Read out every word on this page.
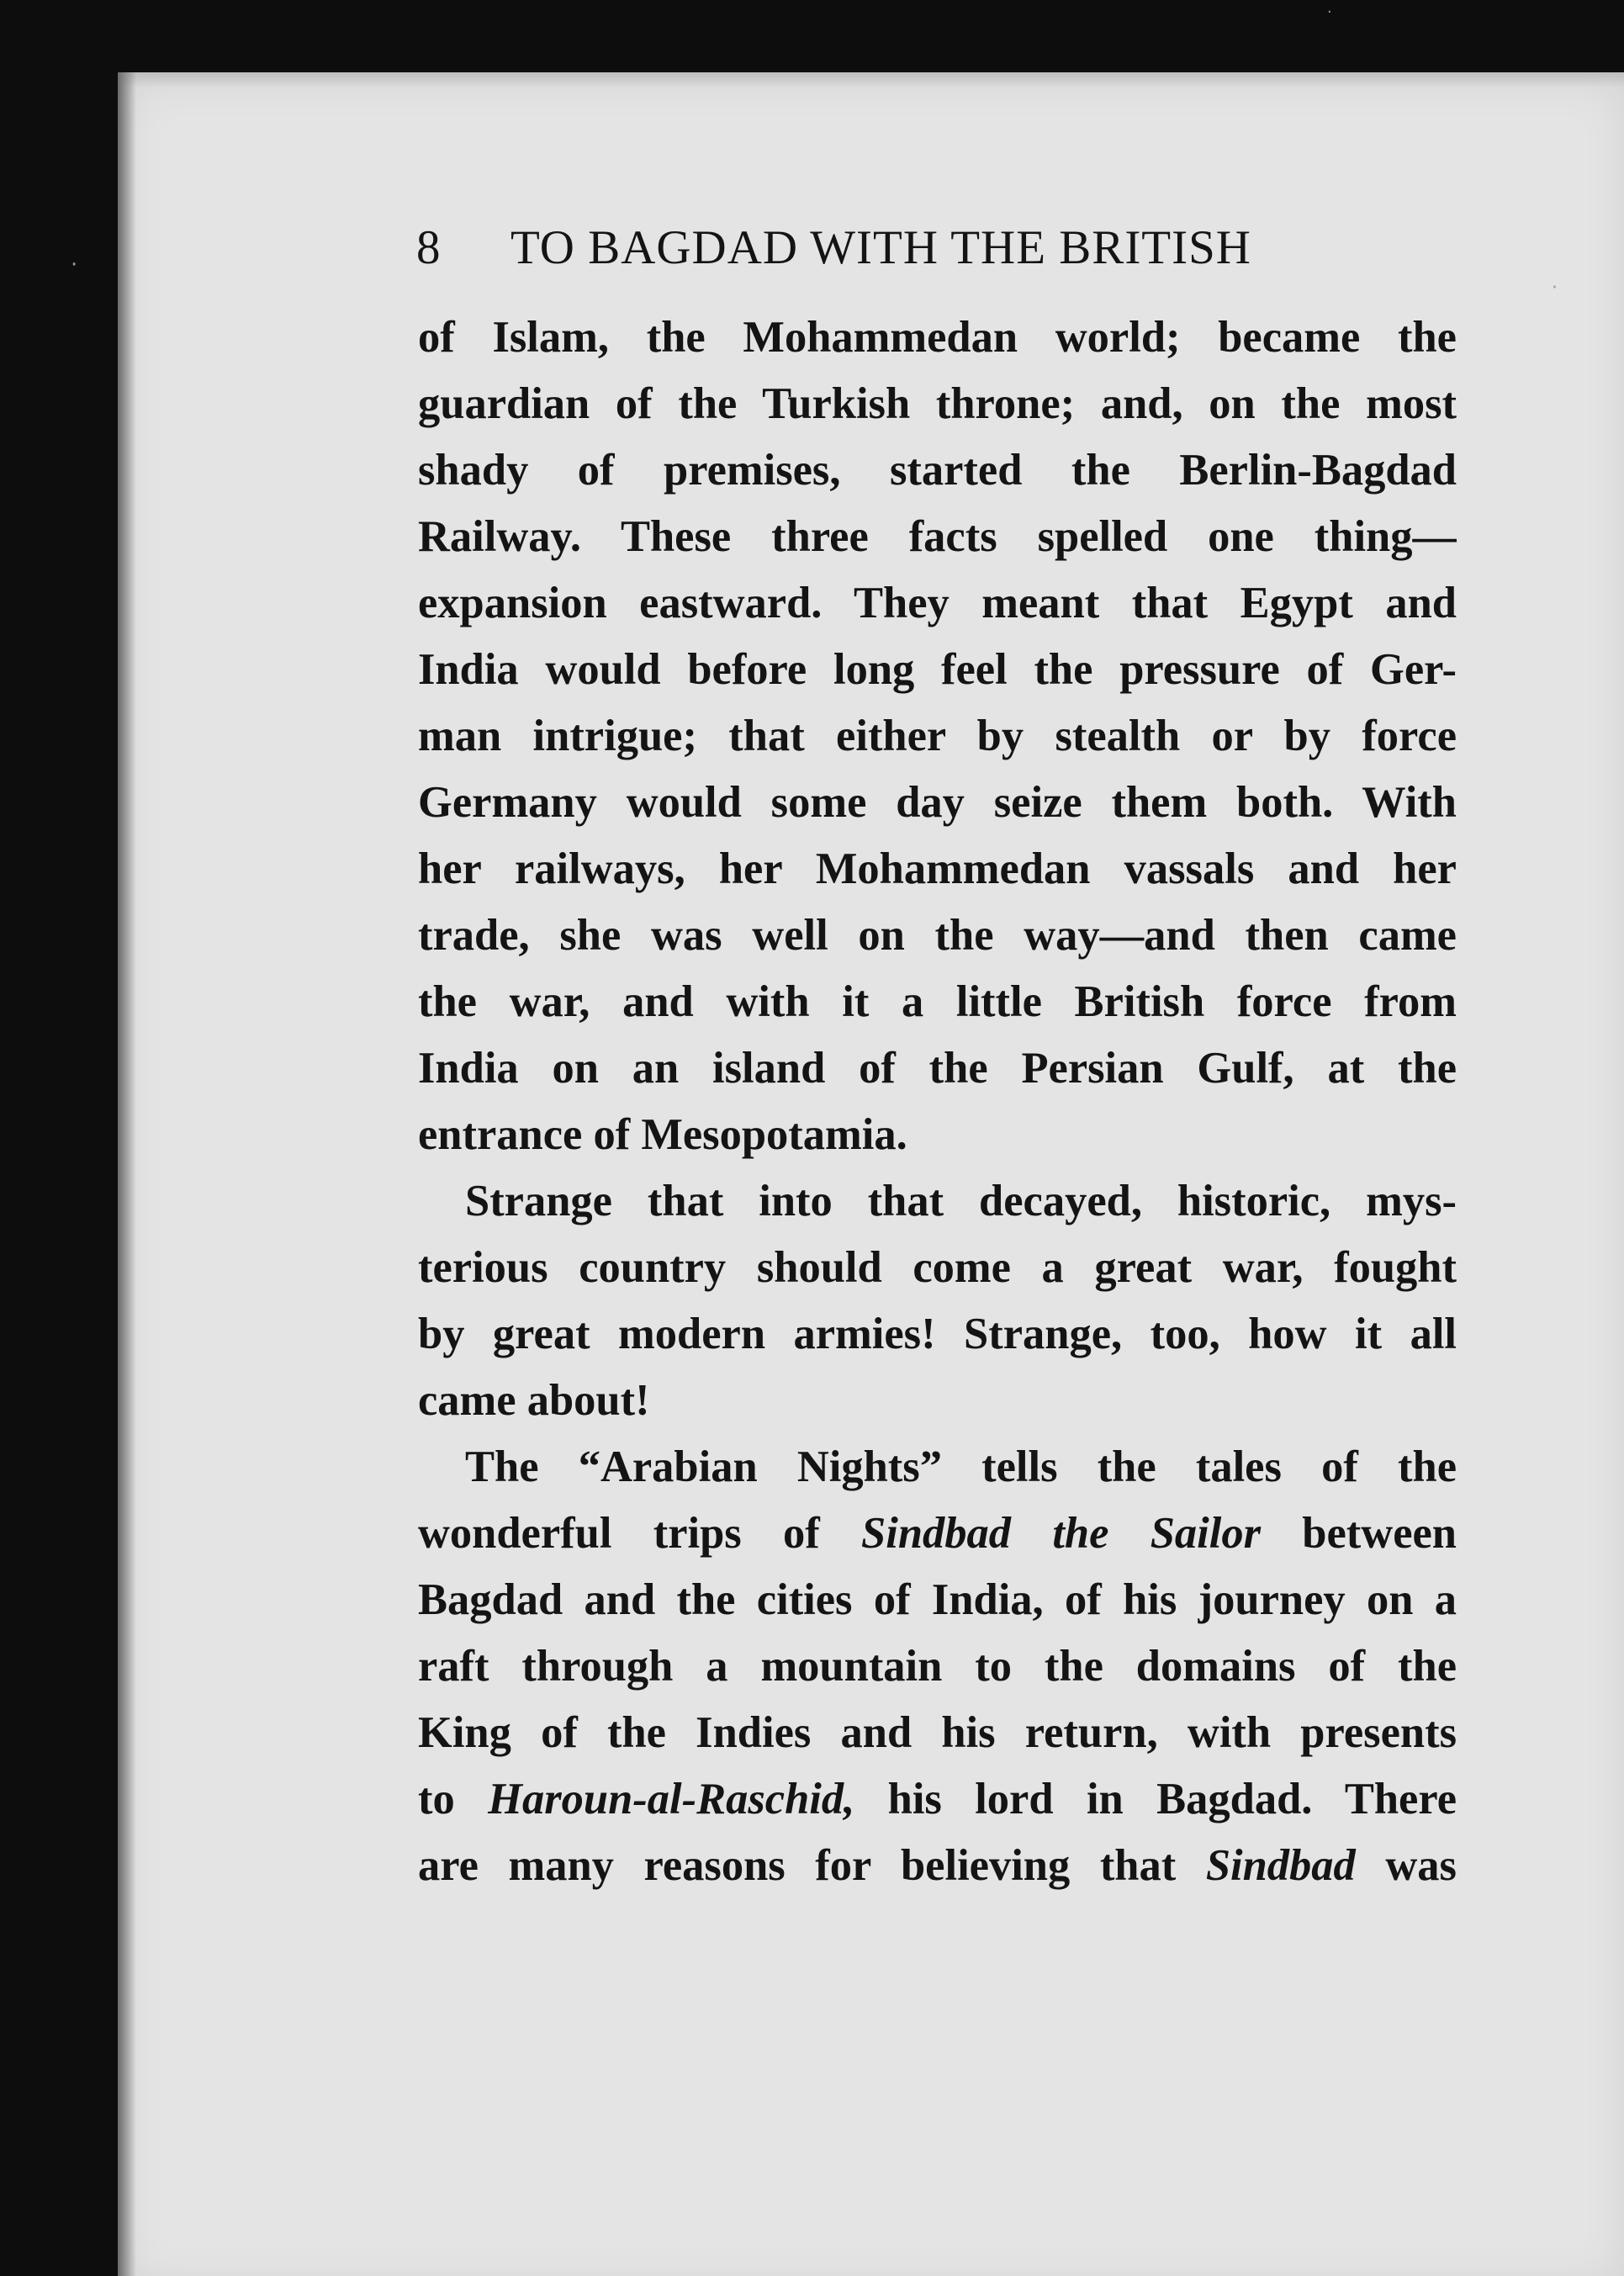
8 TO BAGDAD WITH THE BRITISH
of Islam, the Mohammedan world; became the
guardian of the Turkish throne; and, on the most
shady of premises, started the Berlin-Bagdad
Railway. These three facts spelled one thing—
expansion eastward. They meant that Egypt and
India would before long feel the pressure of Ger-
man intrigue; that either by stealth or by force
Germany would some day seize them both. With
her railways, her Mohammedan vassals and her
trade, she was well on the way—and then came
the war, and with it a little British force from
India on an island of the Persian Gulf, at the
entrance of Mesopotamia.
Strange that into that decayed, historic, mys-
terious country should come a great war, fought
by great modern armies! Strange, too, how it all
came about!
The “Arabian Nights” tells the tales of the
wonderful trips of Sindbad the Sailor between
Bagdad and the cities of India, of his journey on a
raft through a mountain to the domains of the
King of the Indies and his return, with presents
to Haroun-al-Raschid, his lord in Bagdad. There
are many reasons for believing that Sindbad was
·
·
·
